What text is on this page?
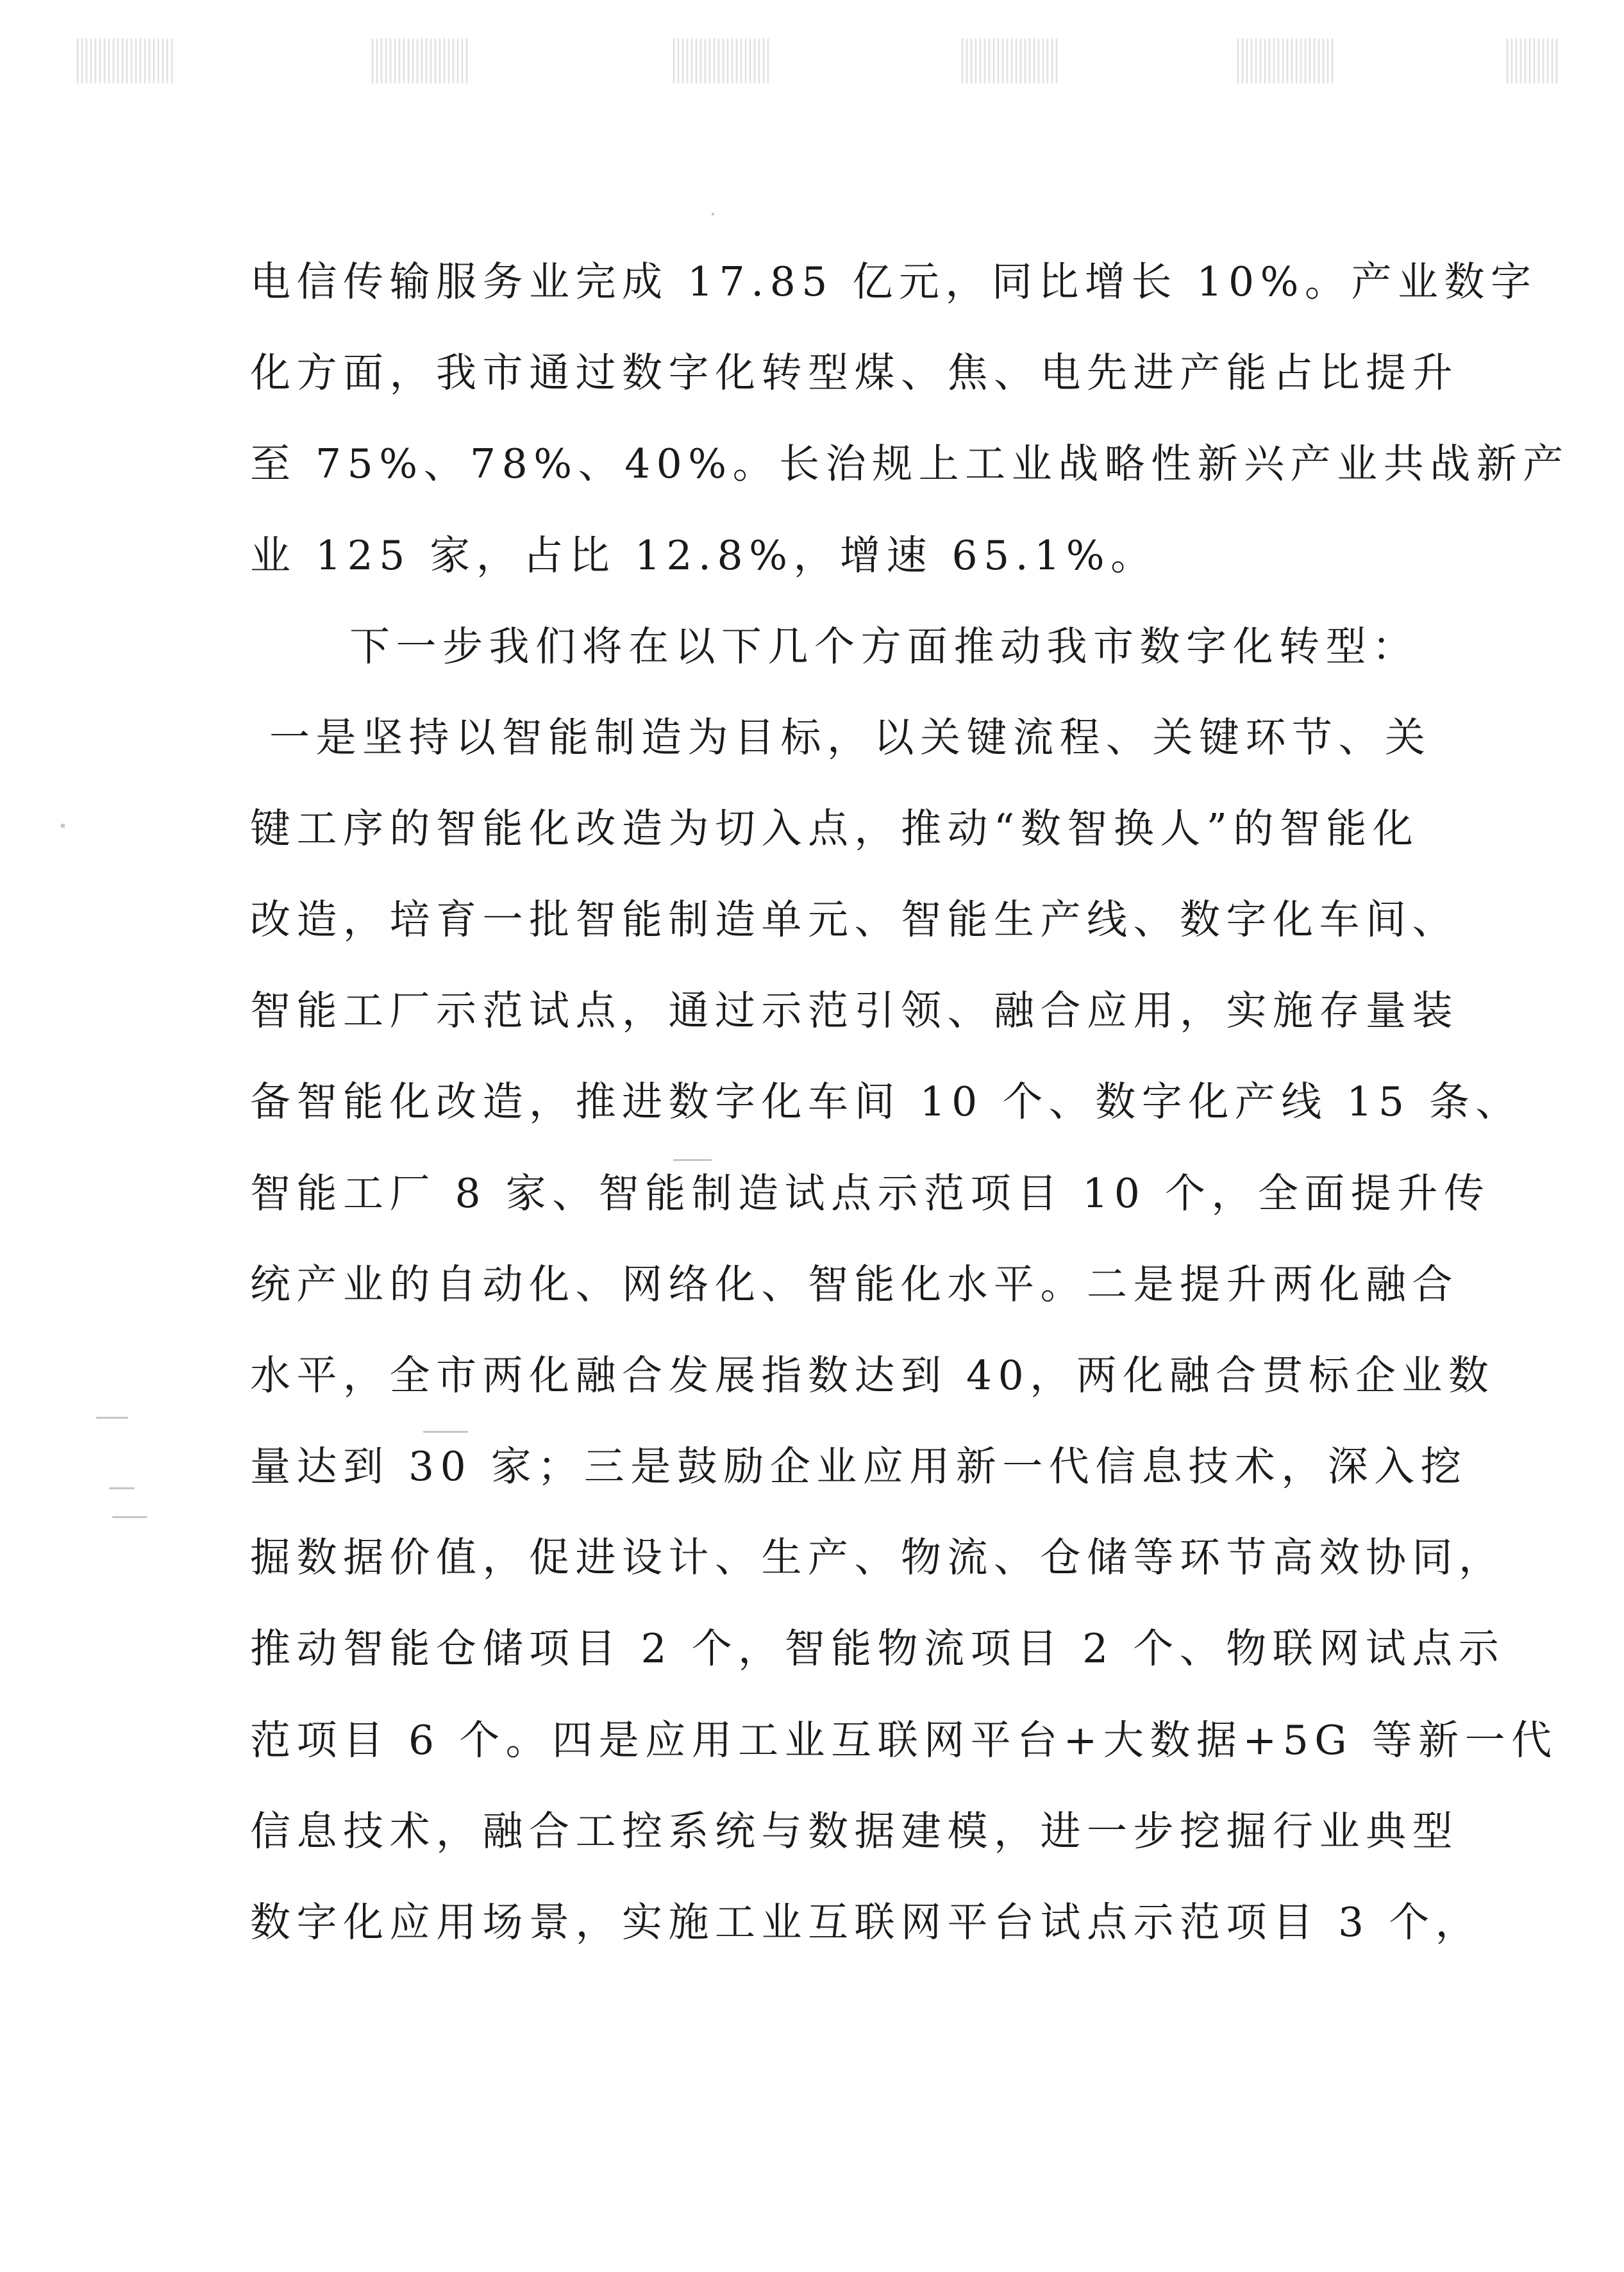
电信传输服务业完成 17.85 亿元，同比增长 10%。产业数字
化方面，我市通过数字化转型煤、焦、电先进产能占比提升
至 75%、78%、40%。长治规上工业战略性新兴产业共战新产
业 125 家，占比 12.8%，增速 65.1%。
下一步我们将在以下几个方面推动我市数字化转型：
一是坚持以智能制造为目标，以关键流程、关键环节、关
键工序的智能化改造为切入点，推动“数智换人”的智能化
改造，培育一批智能制造单元、智能生产线、数字化车间、
智能工厂示范试点，通过示范引领、融合应用，实施存量装
备智能化改造，推进数字化车间 10 个、数字化产线 15 条、
智能工厂 8 家、智能制造试点示范项目 10 个，全面提升传
统产业的自动化、网络化、智能化水平。二是提升两化融合
水平，全市两化融合发展指数达到 40，两化融合贯标企业数
量达到 30 家；三是鼓励企业应用新一代信息技术，深入挖
掘数据价值，促进设计、生产、物流、仓储等环节高效协同，
推动智能仓储项目 2 个，智能物流项目 2 个、物联网试点示
范项目 6 个。四是应用工业互联网平台+大数据+5G 等新一代
信息技术，融合工控系统与数据建模，进一步挖掘行业典型
数字化应用场景，实施工业互联网平台试点示范项目 3 个，
